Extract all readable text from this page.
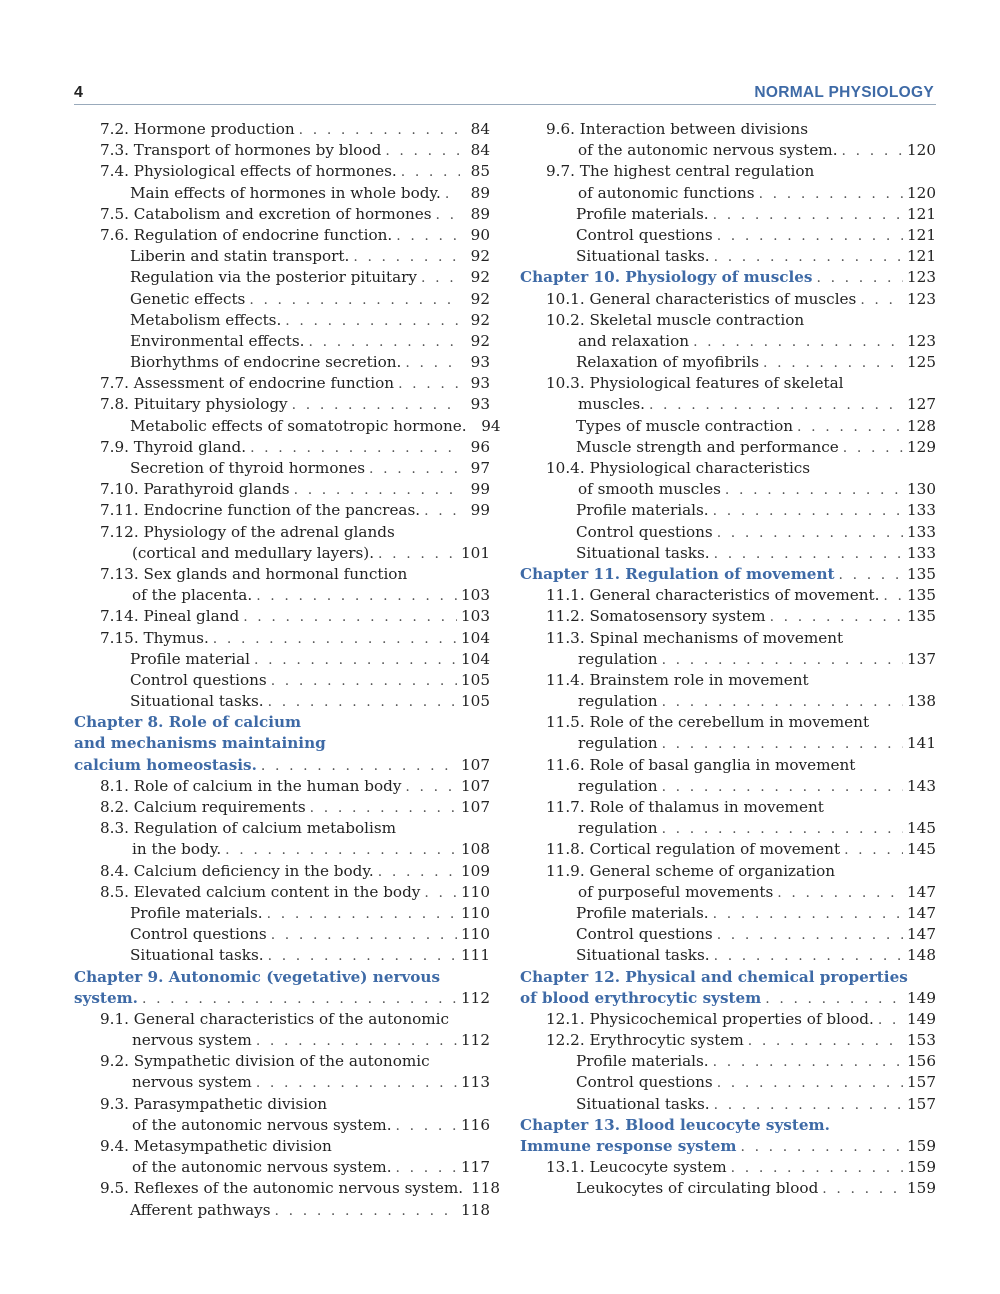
4	NORMAL PHYSIOLOGY
7.2. Hormone production . . .	84
7.3. Transport of hormones by blood . . .	84
7.4. Physiological effects of hormones. . . .	85
Main effects of hormones in whole body. . . .	89
7.5. Catabolism and excretion of hormones . . .	89
7.6. Regulation of endocrine function. . . .	90
Liberin and statin transport. . . .	92
Regulation via the posterior pituitary . . .	92
Genetic effects . . .	92
Metabolism effects. . . .	92
Environmental effects. . . .	92
Biorhythms of endocrine secretion. . . .	93
7.7. Assessment of endocrine function . . .	93
7.8. Pituitary physiology . . .	93
Metabolic effects of somatotropic hormone. 94
7.9. Thyroid gland. . . .	96
Secretion of thyroid hormones . . .	97
7.10. Parathyroid glands . . .	99
7.11. Endocrine function of the pancreas. . . .	99
7.12. Physiology of the adrenal glands
(cortical and medullary layers). . . .	101
7.13. Sex glands and hormonal function
of the placenta. . . .	103
7.14. Pineal gland . . .	103
7.15. Thymus. . . .	104
Profile material . . .	104
Control questions . . .	105
Situational tasks. . . .	105
Chapter 8. Role of calcium
and mechanisms maintaining
calcium homeostasis. . . .	107
8.1. Role of calcium in the human body . . .	107
8.2. Calcium requirements . . .	107
8.3. Regulation of calcium metabolism
in the body. . . .	108
8.4. Calcium deficiency in the body. . . .	109
8.5. Elevated calcium content in the body . . .	110
Profile materials. . . .	110
Control questions . . .	110
Situational tasks. . . .	111
Chapter 9. Autonomic (vegetative) nervous
system. . . .	112
9.1. General characteristics of the autonomic
nervous system . . .	112
9.2. Sympathetic division of the autonomic
nervous system . . .	113
9.3. Parasympathetic division
of the autonomic nervous system. . . .	116
9.4. Metasympathetic division
of the autonomic nervous system. . . .	117
9.5. Reflexes of the autonomic nervous system. 118
Afferent pathways . . .	118
9.6. Interaction between divisions
of the autonomic nervous system. . . .	120
9.7. The highest central regulation
of autonomic functions . . .	120
Profile materials. . . .	121
Control questions . . .	121
Situational tasks. . . .	121
Chapter 10. Physiology of muscles . . .	123
10.1. General characteristics of muscles . . .	123
10.2. Skeletal muscle contraction
and relaxation . . .	123
Relaxation of myofibrils . . .	125
10.3. Physiological features of skeletal
muscles. . . .	127
Types of muscle contraction . . .	128
Muscle strength and performance . . .	129
10.4. Physiological characteristics
of smooth muscles . . .	130
Profile materials. . . .	133
Control questions . . .	133
Situational tasks. . . .	133
Chapter 11. Regulation of movement . . .	135
11.1. General characteristics of movement. . . . 135
11.2. Somatosensory system . . .	135
11.3. Spinal mechanisms of movement
regulation . . .	137
11.4. Brainstem role in movement
regulation . . .	138
11.5. Role of the cerebellum in movement
regulation . . .	141
11.6. Role of basal ganglia in movement
regulation . . .	143
11.7. Role of thalamus in movement
regulation . . .	145
11.8. Cortical regulation of movement . . .	145
11.9. General scheme of organization
of purposeful movements . . .	147
Profile materials. . . .	147
Control questions . . .	147
Situational tasks. . . .	148
Chapter 12. Physical and chemical properties
of blood erythrocytic system . . .	149
12.1. Physicochemical properties of blood. . . . 149
12.2. Erythrocytic system . . .	153
Profile materials. . . .	156
Control questions . . .	157
Situational tasks. . . .	157
Chapter 13. Blood leucocyte system.
Immune response system . . .	159
13.1. Leucocyte system . . .	159
Leukocytes of circulating blood . . .	159
